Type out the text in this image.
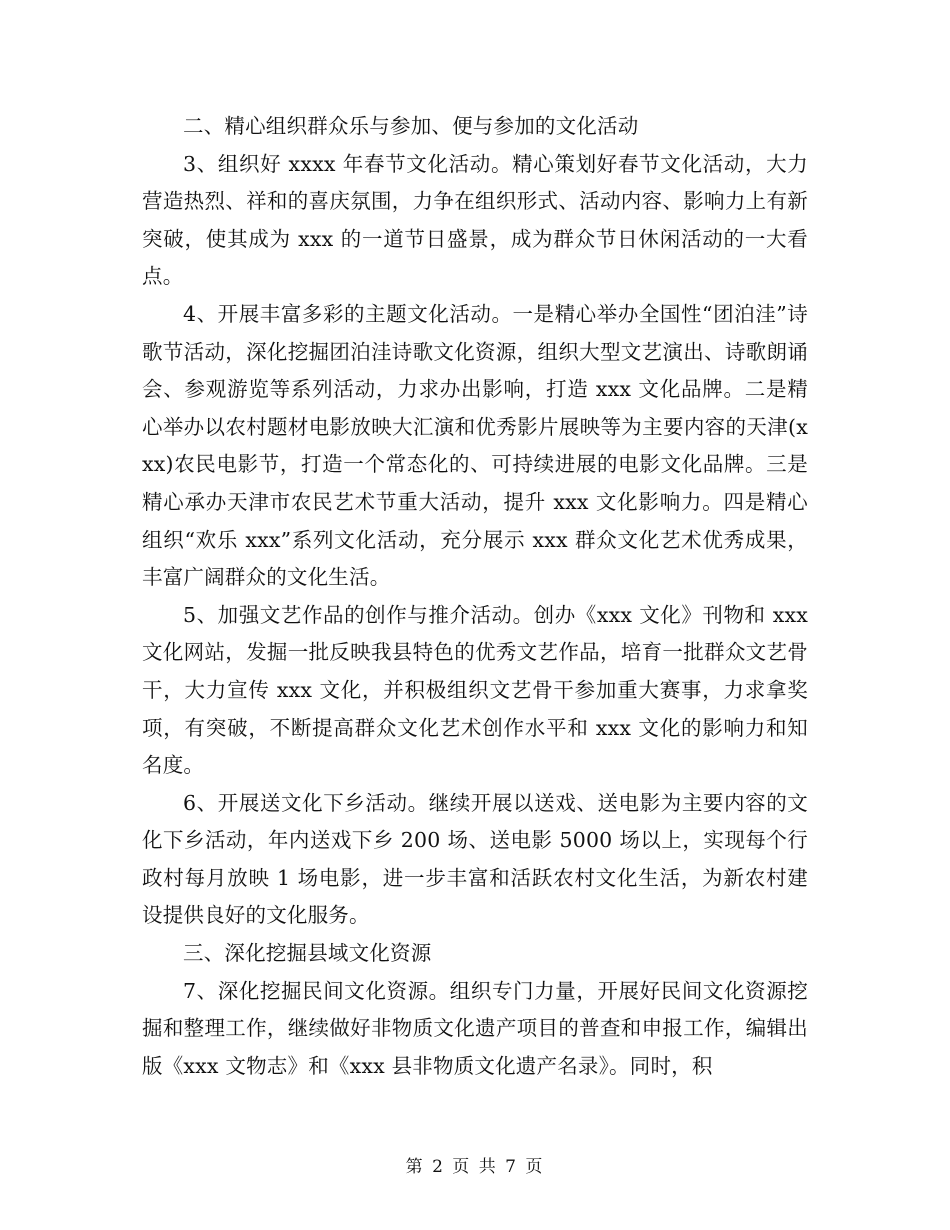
二、精心组织群众乐与参加、便与参加的文化活动

3、组织好 xxxx 年春节文化活动。精心策划好春节文化活动，大力营造热烈、祥和的喜庆氛围，力争在组织形式、活动内容、影响力上有新突破，使其成为 xxx 的一道节日盛景，成为群众节日休闲活动的一大看点。

4、开展丰富多彩的主题文化活动。一是精心举办全国性“团泊洼”诗歌节活动，深化挖掘团泊洼诗歌文化资源，组织大型文艺演出、诗歌朗诵会、参观游览等系列活动，力求办出影响，打造 xxx 文化品牌。二是精心举办以农村题材电影放映大汇演和优秀影片展映等为主要内容的天津(xxx)农民电影节，打造一个常态化的、可持续进展的电影文化品牌。三是精心承办天津市农民艺术节重大活动，提升 xxx 文化影响力。四是精心组织“欢乐 xxx”系列文化活动，充分展示 xxx 群众文化艺术优秀成果，丰富广阔群众的文化生活。

5、加强文艺作品的创作与推介活动。创办《xxx 文化》刊物和 xxx 文化网站，发掘一批反映我县特色的优秀文艺作品，培育一批群众文艺骨干，大力宣传 xxx 文化，并积极组织文艺骨干参加重大赛事，力求拿奖项，有突破，不断提高群众文化艺术创作水平和 xxx 文化的影响力和知名度。

6、开展送文化下乡活动。继续开展以送戏、送电影为主要内容的文化下乡活动，年内送戏下乡 200 场、送电影 5000 场以上，实现每个行政村每月放映 1 场电影，进一步丰富和活跃农村文化生活，为新农村建设提供良好的文化服务。

三、深化挖掘县域文化资源

7、深化挖掘民间文化资源。组织专门力量，开展好民间文化资源挖掘和整理工作，继续做好非物质文化遗产项目的普查和申报工作，编辑出版《xxx 文物志》和《xxx 县非物质文化遗产名录》。同时，积

第 2 页 共 7 页
